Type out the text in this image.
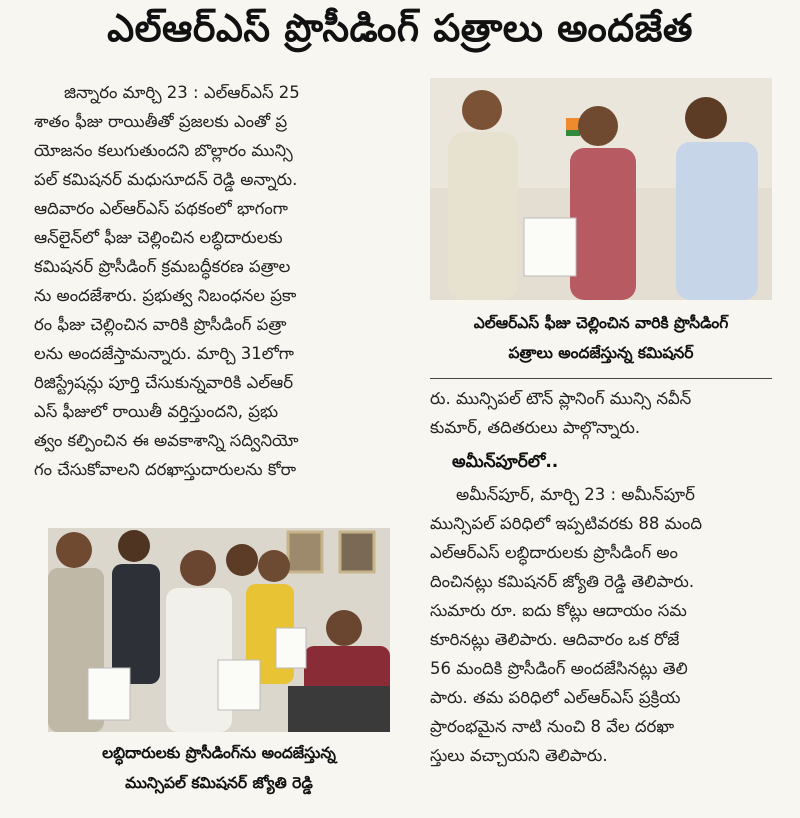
ఎల్‌ఆర్‌ఎస్‌ ప్రొసీడింగ్‌ పత్రాలు అందజేత
జిన్నారం మార్చి 23 : ఎల్‌ఆర్‌ఎస్‌ 25
శాతం ఫీజు రాయితీతో ప్రజలకు ఎంతో ప్ర
యోజనం కలుగుతుందని బొల్లారం మున్సి
పల్‌ కమిషనర్‌ మధుసూదన్‌ రెడ్డి అన్నారు.
ఆదివారం ఎల్‌ఆర్‌ఎస్‌ పథకంలో భాగంగా
ఆన్‌లైన్‌లో ఫీజు చెల్లించిన లబ్ధిదారులకు
కమిషనర్‌ ప్రొసీడింగ్‌ క్రమబద్ధీకరణ పత్రాల
ను అందజేశారు. ప్రభుత్వ నిబంధనల ప్రకా
రం ఫీజు చెల్లించిన వారికి ప్రొసీడింగ్‌ పత్రా
లను అందజేస్తామన్నారు. మార్చి 31లోగా
రిజిస్ట్రేషన్లు పూర్తి చేసుకున్నవారికి ఎల్‌ఆర్‌
ఎస్‌ ఫీజులో రాయితీ వర్తిస్తుందని, ప్రభు
త్వం కల్పించిన ఈ అవకాశాన్ని సద్వినియో
గం చేసుకోవాలని దరఖాస్తుదారులను కోరా
ఎల్‌ఆర్‌ఎస్‌ ఫీజు చెల్లించిన వారికి ప్రొసీడింగ్‌
పత్రాలు అందజేస్తున్న కమిషనర్‌
రు. మున్సిపల్‌ టౌన్‌ ప్లానింగ్‌ మున్సి నవీన్‌
కుమార్‌, తదితరులు పాల్గొన్నారు.
అమీన్‌పూర్‌లో..
అమీన్‌పూర్‌, మార్చి 23 : అమీన్‌పూర్‌
మున్సిపల్‌ పరిధిలో ఇప్పటివరకు 88 మంది
ఎల్‌ఆర్‌ఎస్‌ లబ్ధిదారులకు ప్రొసీడింగ్‌ అం
దించినట్లు కమిషనర్‌ జ్యోతి రెడ్డి తెలిపారు.
సుమారు రూ. ఐదు కోట్లు ఆదాయం సమ
కూరినట్లు తెలిపారు. ఆదివారం ఒక రోజే
56 మందికి ప్రొసీడింగ్‌ అందజేసినట్లు తెలి
పారు. తమ పరిధిలో ఎల్‌ఆర్‌ఎస్‌ ప్రక్రియ
ప్రారంభమైన నాటి నుంచి 8 వేల దరఖా
స్తులు వచ్చాయని తెలిపారు.
లబ్ధిదారులకు ప్రొసీడింగ్‌ను అందజేస్తున్న
మున్సిపల్‌ కమిషనర్‌ జ్యోతి రెడ్డి
